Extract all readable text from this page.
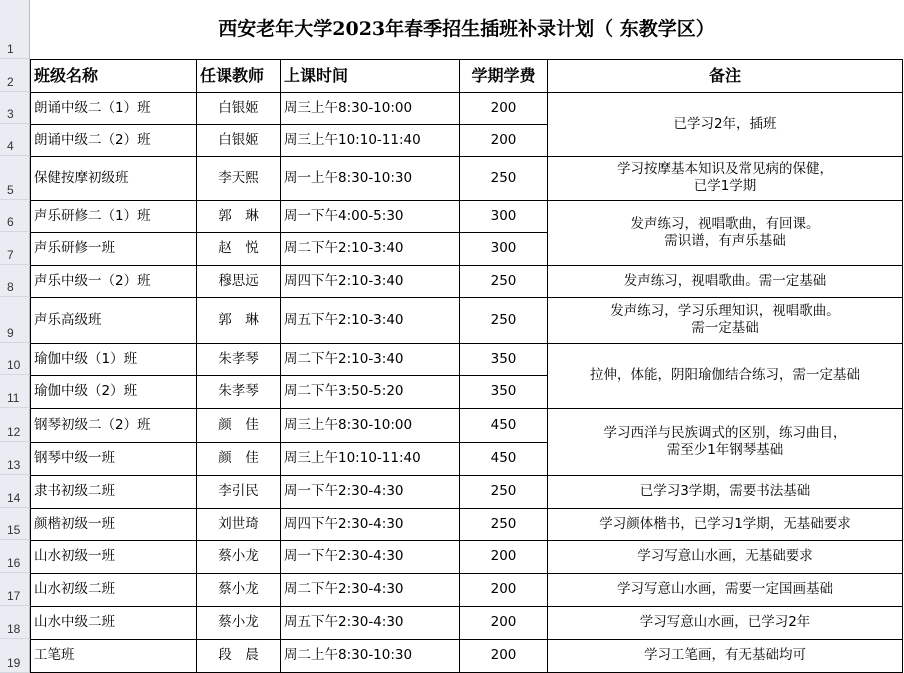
1
2
3
4
5
6
7
8
9
10
11
12
13
14
15
16
17
18
19
西安老年大学2023年春季招生插班补录计划（ 东教学区）				
班级名称	任课教师	上课时间	学期学费	备注
朗诵中级二（1）班	白银姬	周三上午8:30-10:00	200	已学习2年，插班
朗诵中级二（2）班	白银姬	周三上午10:10-11:40	200	
保健按摩初级班	李天熙	周一上午8:30-10:30	250	学习按摩基本知识及常见病的保健，
已学1学期

声乐研修二（1）班	郭　琳	周一下午4:00-5:30	300	发声练习，视唱歌曲，有回课。
需识谱，有声乐基础

声乐研修一班	赵　悦	周二下午2:10-3:40	300	
声乐中级一（2）班	穆思远	周四下午2:10-3:40	250	发声练习，视唱歌曲。需一定基础
声乐高级班	郭　琳	周五下午2:10-3:40	250	发声练习，学习乐理知识，视唱歌曲。
需一定基础

瑜伽中级（1）班	朱孝琴	周二下午2:10-3:40	350	拉伸，体能，阴阳瑜伽结合练习，需一定基础
瑜伽中级（2）班	朱孝琴	周二下午3:50-5:20	350	
钢琴初级二（2）班	颜　佳	周三上午8:30-10:00	450	学习西洋与民族调式的区别，练习曲目，
需至少1年钢琴基础

钢琴中级一班	颜　佳	周三上午10:10-11:40	450	
隶书初级二班	李引民	周一下午2:30-4:30	250	已学习3学期，需要书法基础
颜楷初级一班	刘世琦	周四下午2:30-4:30	250	学习颜体楷书，已学习1学期，无基础要求
山水初级一班	蔡小龙	周一下午2:30-4:30	200	学习写意山水画，无基础要求
山水初级二班	蔡小龙	周二下午2:30-4:30	200	学习写意山水画，需要一定国画基础
山水中级二班	蔡小龙	周五下午2:30-4:30	200	学习写意山水画，已学习2年
工笔班	段　晨	周二上午8:30-10:30	200	学习工笔画，有无基础均可
